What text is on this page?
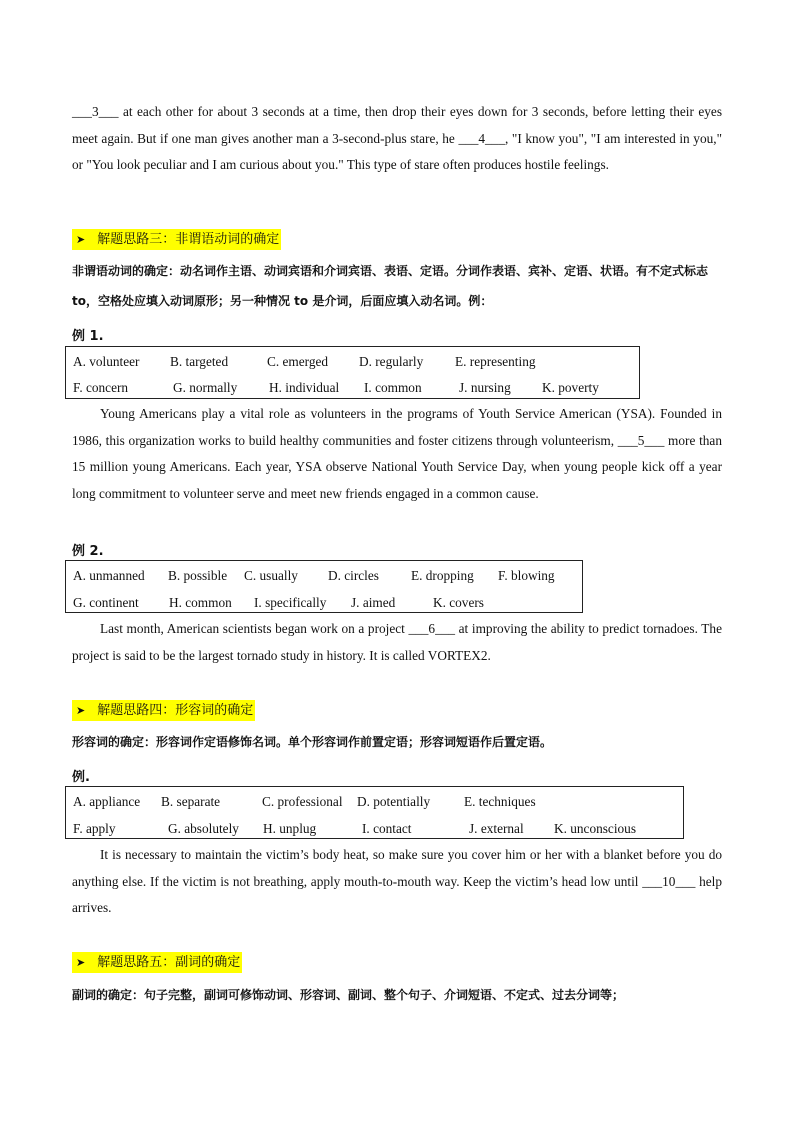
___3___ at each other for about 3 seconds at a time, then drop their eyes down for 3 seconds, before letting their eyes meet again. But if one man gives another man a 3-second-plus stare, he ___4___, "I know you", "I am interested in you," or "You look peculiar and I am curious about you." This type of stare often produces hostile feelings.
➤ 解题思路三：非谓语动词的确定
非谓语动词的确定：动名词作主语、动词宾语和介词宾语、表语、定语。分词作表语、宾补、定语、状语。有不定式标志 to，空格处应填入动词原形；另一种情况 to 是介词，后面应填入动名词。例：
例 1.
A. volunteer B. targeted	C. emerged D. regularly E. representing
F. concern	G. normally H. individual I. common	J. nursing K. poverty
Young Americans play a vital role as volunteers in the programs of Youth Service American (YSA). Founded in 1986, this organization works to build healthy communities and foster citizens through volunteerism, ___5___ more than 15 million young Americans. Each year, YSA observe National Youth Service Day, when young people kick off a year long commitment to volunteer serve and meet new friends engaged in a common cause.
例 2.
A. unmanned B. possible C. usually D. circles E. dropping F. blowing
G. continent H. common I. specifically J. aimed	K. covers
Last month, American scientists began work on a project ___6___ at improving the ability to predict tornadoes. The project is said to be the largest tornado study in history. It is called VORTEX2.
➤ 解题思路四：形容词的确定
形容词的确定：形容词作定语修饰名词。单个形容词作前置定语；形容词短语作后置定语。
例.
A. appliance B. separate	C. professional D. potentially	E. techniques
F. apply	G. absolutely H. unplug	I. contact	J. external K. unconscious
It is necessary to maintain the victim’s body heat, so make sure you cover him or her with a blanket before you do anything else. If the victim is not breathing, apply mouth-to-mouth way. Keep the victim’s head low until ___10___ help arrives.
➤ 解题思路五：副词的确定
副词的确定：句子完整，副词可修饰动词、形容词、副词、整个句子、介词短语、不定式、过去分词等；
